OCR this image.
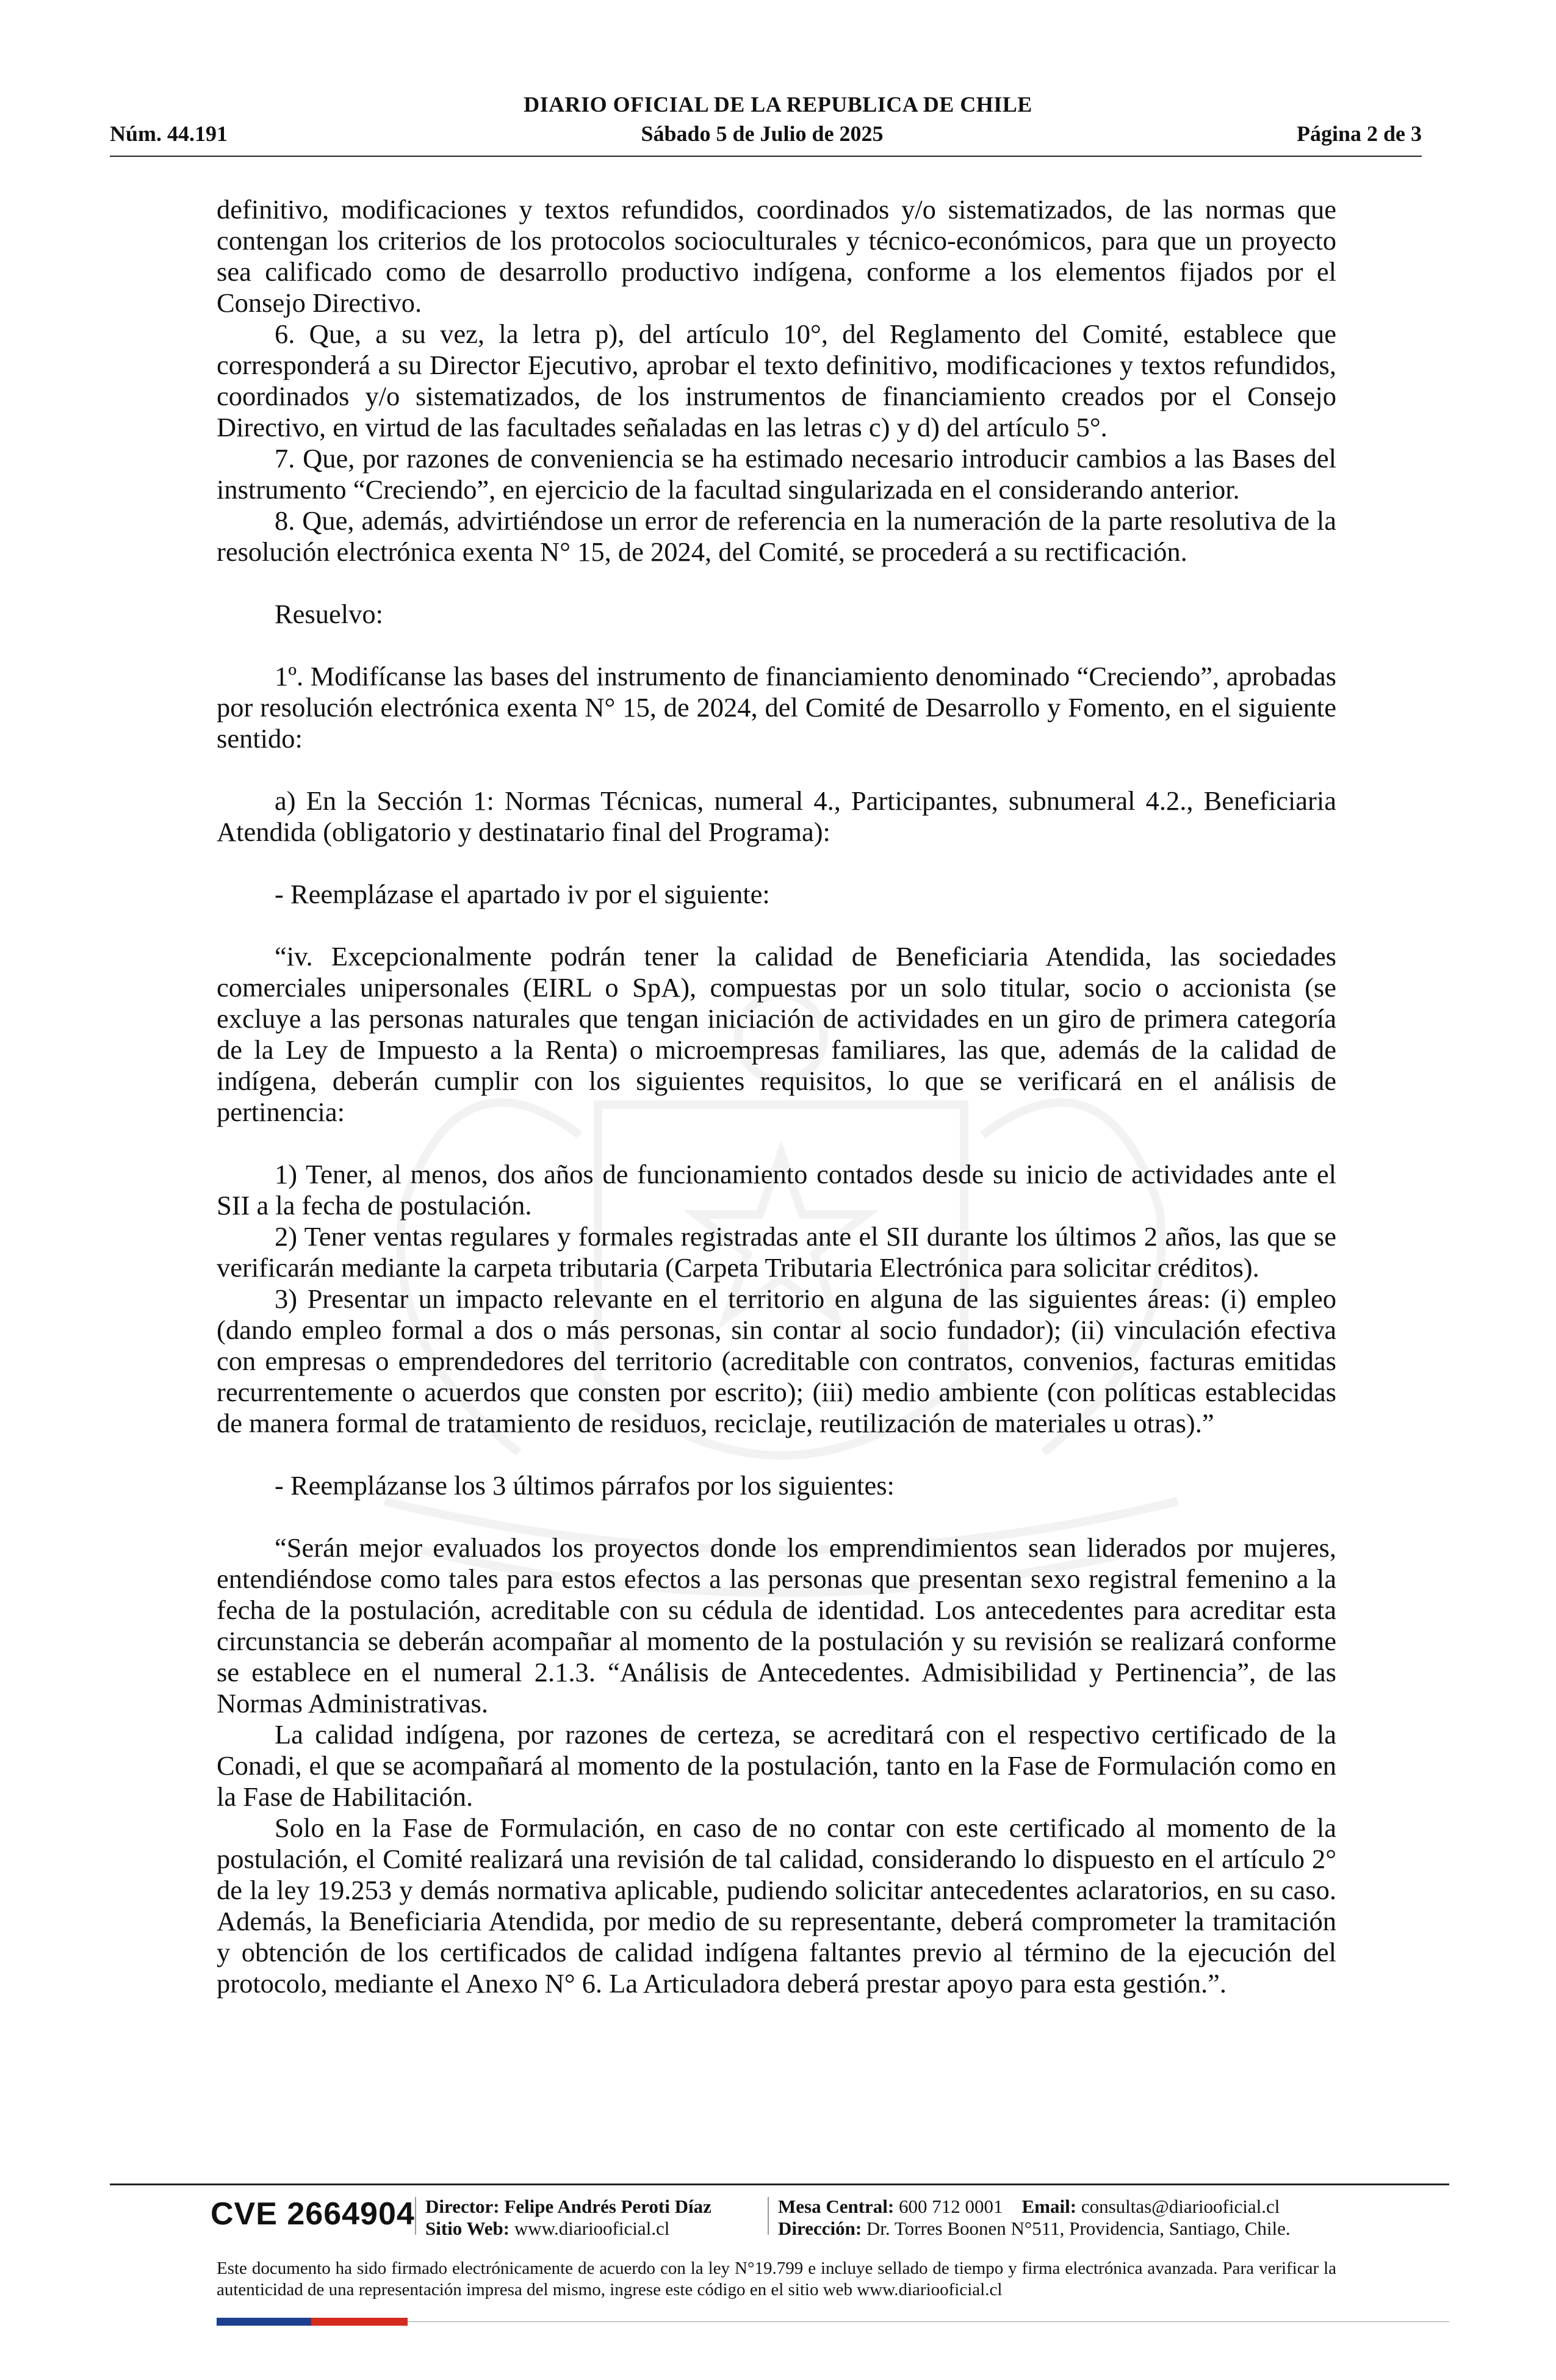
DIARIO OFICIAL DE LA REPUBLICA DE CHILE
Núm. 44.191	Sábado 5 de Julio de 2025	Página 2 de 3

definitivo, modificaciones y textos refundidos, coordinados y/o sistematizados, de las normas que contengan los criterios de los protocolos socioculturales y técnico-económicos, para que un proyecto sea calificado como de desarrollo productivo indígena, conforme a los elementos fijados por el Consejo Directivo.

6. Que, a su vez, la letra p), del artículo 10°, del Reglamento del Comité, establece que corresponderá a su Director Ejecutivo, aprobar el texto definitivo, modificaciones y textos refundidos, coordinados y/o sistematizados, de los instrumentos de financiamiento creados por el Consejo Directivo, en virtud de las facultades señaladas en las letras c) y d) del artículo 5°.

7. Que, por razones de conveniencia se ha estimado necesario introducir cambios a las Bases del instrumento “Creciendo”, en ejercicio de la facultad singularizada en el considerando anterior.

8. Que, además, advirtiéndose un error de referencia en la numeración de la parte resolutiva de la resolución electrónica exenta N° 15, de 2024, del Comité, se procederá a su rectificación.

Resuelvo:

1º. Modifícanse las bases del instrumento de financiamiento denominado “Creciendo”, aprobadas por resolución electrónica exenta N° 15, de 2024, del Comité de Desarrollo y Fomento, en el siguiente sentido:

a) En la Sección 1: Normas Técnicas, numeral 4., Participantes, subnumeral 4.2., Beneficiaria Atendida (obligatorio y destinatario final del Programa):

- Reemplázase el apartado iv por el siguiente:

“iv. Excepcionalmente podrán tener la calidad de Beneficiaria Atendida, las sociedades comerciales unipersonales (EIRL o SpA), compuestas por un solo titular, socio o accionista (se excluye a las personas naturales que tengan iniciación de actividades en un giro de primera categoría de la Ley de Impuesto a la Renta) o microempresas familiares, las que, además de la calidad de indígena, deberán cumplir con los siguientes requisitos, lo que se verificará en el análisis de pertinencia:

1) Tener, al menos, dos años de funcionamiento contados desde su inicio de actividades ante el SII a la fecha de postulación.

2) Tener ventas regulares y formales registradas ante el SII durante los últimos 2 años, las que se verificarán mediante la carpeta tributaria (Carpeta Tributaria Electrónica para solicitar créditos).

3) Presentar un impacto relevante en el territorio en alguna de las siguientes áreas: (i) empleo (dando empleo formal a dos o más personas, sin contar al socio fundador); (ii) vinculación efectiva con empresas o emprendedores del territorio (acreditable con contratos, convenios, facturas emitidas recurrentemente o acuerdos que consten por escrito); (iii) medio ambiente (con políticas establecidas de manera formal de tratamiento de residuos, reciclaje, reutilización de materiales u otras).”

- Reemplázanse los 3 últimos párrafos por los siguientes:

“Serán mejor evaluados los proyectos donde los emprendimientos sean liderados por mujeres, entendiéndose como tales para estos efectos a las personas que presentan sexo registral femenino a la fecha de la postulación, acreditable con su cédula de identidad. Los antecedentes para acreditar esta circunstancia se deberán acompañar al momento de la postulación y su revisión se realizará conforme se establece en el numeral 2.1.3. “Análisis de Antecedentes. Admisibilidad y Pertinencia”, de las Normas Administrativas.

La calidad indígena, por razones de certeza, se acreditará con el respectivo certificado de la Conadi, el que se acompañará al momento de la postulación, tanto en la Fase de Formulación como en la Fase de Habilitación.

Solo en la Fase de Formulación, en caso de no contar con este certificado al momento de la postulación, el Comité realizará una revisión de tal calidad, considerando lo dispuesto en el artículo 2° de la ley 19.253 y demás normativa aplicable, pudiendo solicitar antecedentes aclaratorios, en su caso. Además, la Beneficiaria Atendida, por medio de su representante, deberá comprometer la tramitación y obtención de los certificados de calidad indígena faltantes previo al término de la ejecución del protocolo, mediante el Anexo N° 6. La Articuladora deberá prestar apoyo para esta gestión.”.

CVE 2664904 Director: Felipe Andrés Peroti Díaz
Sitio Web: www.diariooficial.cl
Mesa Central: 600 712 0001 Email: consultas@diariooficial.cl
Dirección: Dr. Torres Boonen N°511, Providencia, Santiago, Chile.
Este documento ha sido firmado electrónicamente de acuerdo con la ley N°19.799 e incluye sellado de tiempo y firma electrónica avanzada. Para verificar la autenticidad de una representación impresa del mismo, ingrese este código en el sitio web www.diariooficial.cl
